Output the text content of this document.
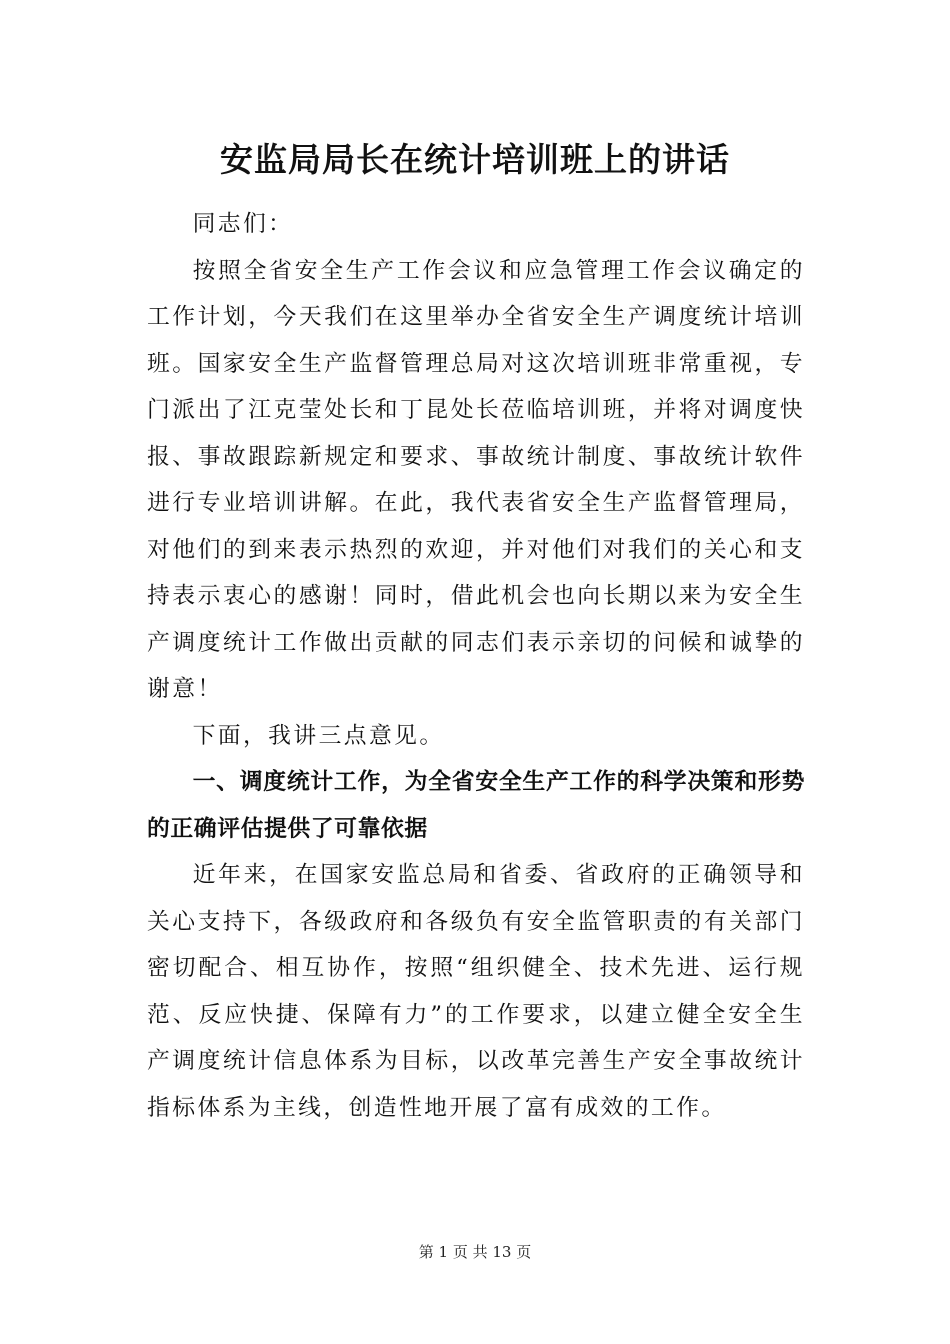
安监局局长在统计培训班上的讲话

同志们：

按照全省安全生产工作会议和应急管理工作会议确定的工作计划，今天我们在这里举办全省安全生产调度统计培训班。国家安全生产监督管理总局对这次培训班非常重视，专门派出了江克莹处长和丁昆处长莅临培训班，并将对调度快报、事故跟踪新规定和要求、事故统计制度、事故统计软件进行专业培训讲解。在此，我代表省安全生产监督管理局，对他们的到来表示热烈的欢迎，并对他们对我们的关心和支持表示衷心的感谢！同时，借此机会也向长期以来为安全生产调度统计工作做出贡献的同志们表示亲切的问候和诚挚的谢意！

下面，我讲三点意见。

一、调度统计工作，为全省安全生产工作的科学决策和形势的正确评估提供了可靠依据

近年来，在国家安监总局和省委、省政府的正确领导和关心支持下，各级政府和各级负有安全监管职责的有关部门密切配合、相互协作，按照“组织健全、技术先进、运行规范、反应快捷、保障有力”的工作要求，以建立健全安全生产调度统计信息体系为目标，以改革完善生产安全事故统计指标体系为主线，创造性地开展了富有成效的工作。

第 1 页 共 13 页
